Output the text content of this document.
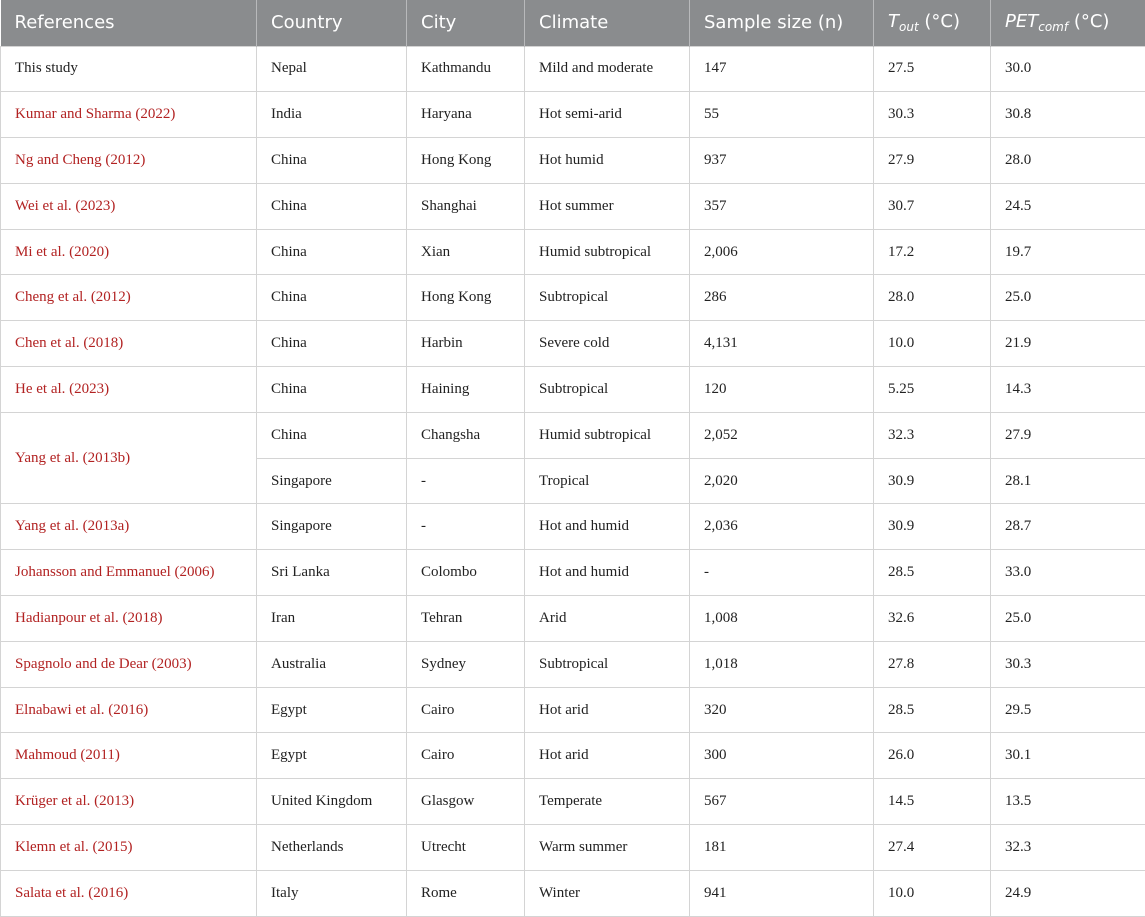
References	Country	City	Climate	Sample size (n)	$T_{out}$ (°C)	$PET_{comf}$ (°C)
This study	Nepal	Kathmandu	Mild and moderate	147	27.5	30.0
Kumar and Sharma (2022)	India	Haryana	Hot semi-arid	55	30.3	30.8
Ng and Cheng (2012)	China	Hong Kong	Hot humid	937	27.9	28.0
Wei et al. (2023)	China	Shanghai	Hot summer	357	30.7	24.5
Mi et al. (2020)	China	Xian	Humid subtropical	2,006	17.2	19.7
Cheng et al. (2012)	China	Hong Kong	Subtropical	286	28.0	25.0
Chen et al. (2018)	China	Harbin	Severe cold	4,131	10.0	21.9
He et al. (2023)	China	Haining	Subtropical	120	5.25	14.3
Yang et al. (2013b)	China	Changsha	Humid subtropical	2,052	32.3	27.9
	Singapore	-	Tropical	2,020	30.9	28.1
Yang et al. (2013a)	Singapore	-	Hot and humid	2,036	30.9	28.7
Johansson and Emmanuel (2006)	Sri Lanka	Colombo	Hot and humid	-	28.5	33.0
Hadianpour et al. (2018)	Iran	Tehran	Arid	1,008	32.6	25.0
Spagnolo and de Dear (2003)	Australia	Sydney	Subtropical	1,018	27.8	30.3
Elnabawi et al. (2016)	Egypt	Cairo	Hot arid	320	28.5	29.5
Mahmoud (2011)	Egypt	Cairo	Hot arid	300	26.0	30.1
Krüger et al. (2013)	United Kingdom	Glasgow	Temperate	567	14.5	13.5
Klemn et al. (2015)	Netherlands	Utrecht	Warm summer	181	27.4	32.3
Salata et al. (2016)	Italy	Rome	Winter	941	10.0	24.9
